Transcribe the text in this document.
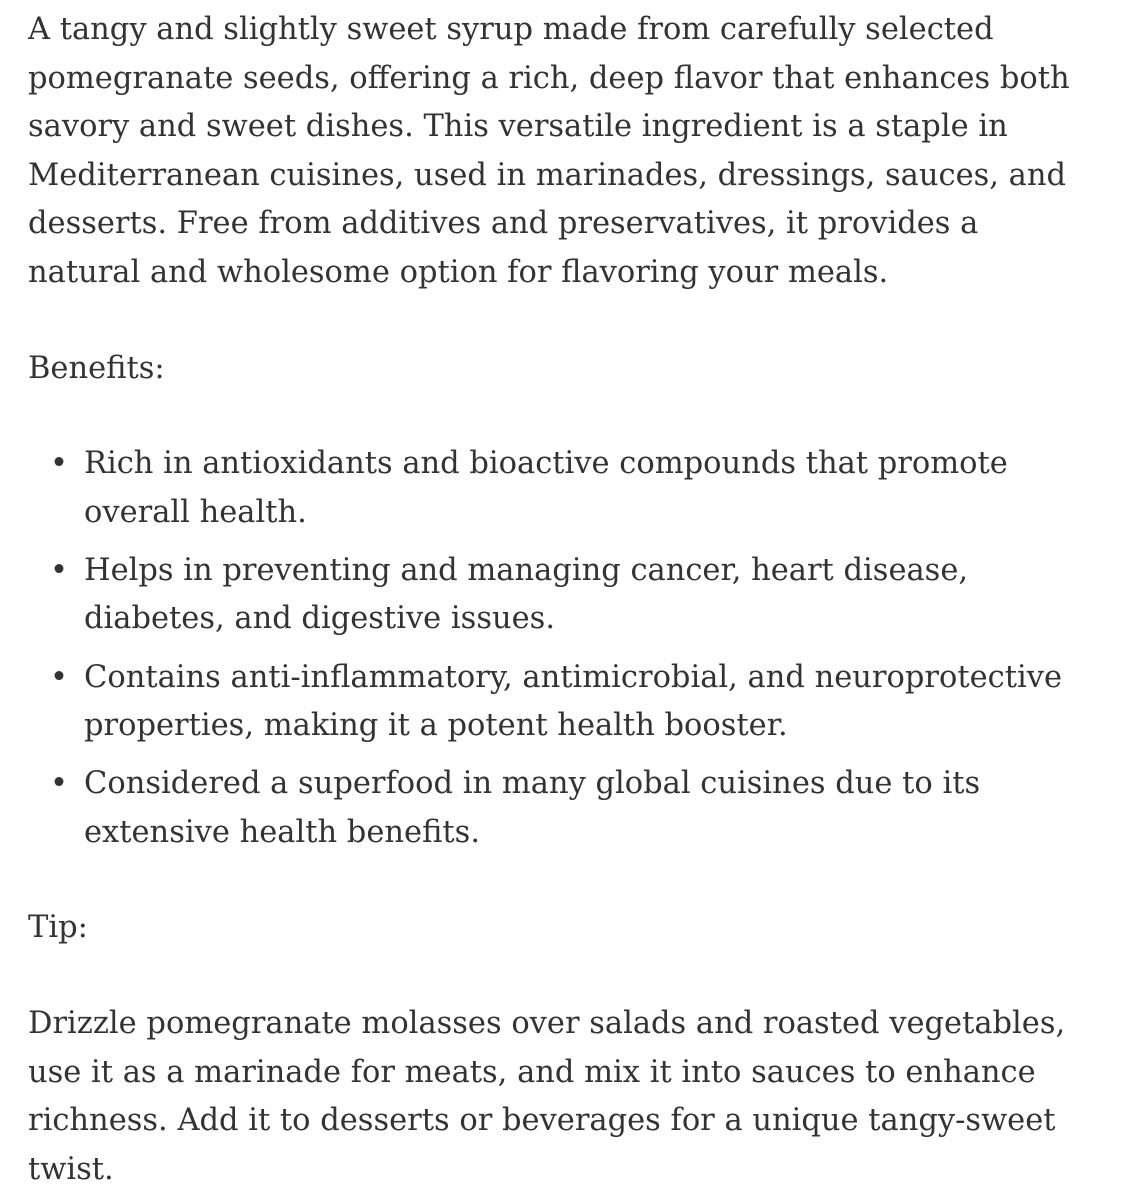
A tangy and slightly sweet syrup made from carefully selected pomegranate seeds, offering a rich, deep flavor that enhances both savory and sweet dishes. This versatile ingredient is a staple in Mediterranean cuisines, used in marinades, dressings, sauces, and desserts. Free from additives and preservatives, it provides a natural and wholesome option for flavoring your meals.

Benefits:

• Rich in antioxidants and bioactive compounds that promote overall health.
• Helps in preventing and managing cancer, heart disease, diabetes, and digestive issues.
• Contains anti-inflammatory, antimicrobial, and neuroprotective properties, making it a potent health booster.
• Considered a superfood in many global cuisines due to its extensive health benefits.

Tip:

Drizzle pomegranate molasses over salads and roasted vegetables, use it as a marinade for meats, and mix it into sauces to enhance richness. Add it to desserts or beverages for a unique tangy-sweet twist.
